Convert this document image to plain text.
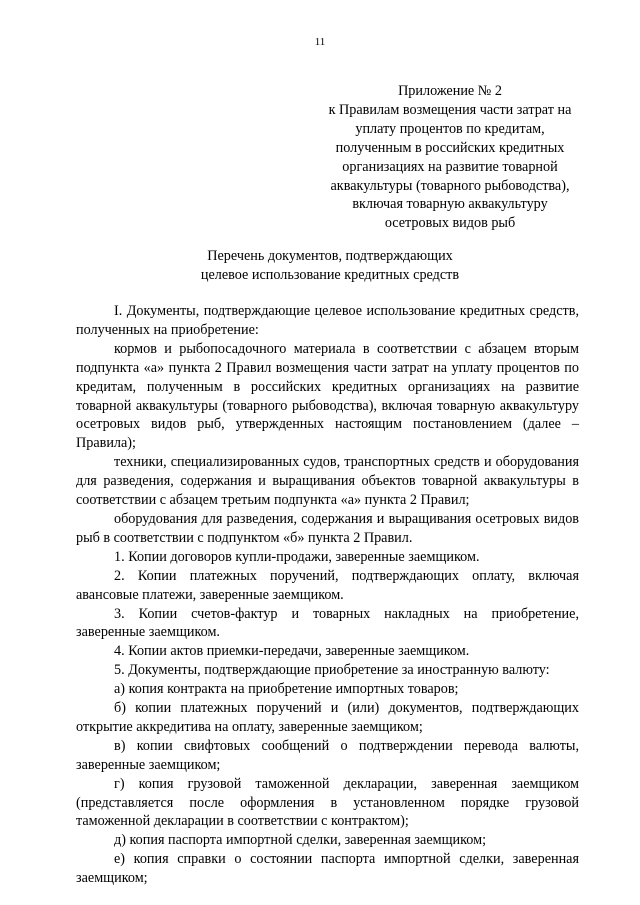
11
Приложение № 2
к Правилам возмещения части затрат на
уплату процентов по кредитам,
полученным в российских кредитных
организациях на развитие товарной
аквакультуры (товарного рыбоводства),
включая товарную аквакультуру
осетровых видов рыб
Перечень документов, подтверждающих
целевое использование кредитных средств

I. Документы, подтверждающие целевое использование кредитных средств, полученных на приобретение:

кормов и рыбопосадочного материала в соответствии с абзацем вторым подпункта «а» пункта 2 Правил возмещения части затрат на уплату процентов по кредитам, полученным в российских кредитных организациях на развитие товарной аквакультуры (товарного рыбоводства), включая товарную аквакультуру осетровых видов рыб, утвержденных настоящим постановлением (далее – Правила);

техники, специализированных судов, транспортных средств и оборудования для разведения, содержания и выращивания объектов товарной аквакультуры в соответствии с абзацем третьим подпункта «а» пункта 2 Правил;

оборудования для разведения, содержания и выращивания осетровых видов рыб в соответствии с подпунктом «б» пункта 2 Правил.

1. Копии договоров купли-продажи, заверенные заемщиком.

2. Копии платежных поручений, подтверждающих оплату, включая авансовые платежи, заверенные заемщиком.

3. Копии счетов-фактур и товарных накладных на приобретение, заверенные заемщиком.

4. Копии актов приемки-передачи, заверенные заемщиком.

5. Документы, подтверждающие приобретение за иностранную валюту:

а) копия контракта на приобретение импортных товаров;

б) копии платежных поручений и (или) документов, подтверждающих открытие аккредитива на оплату, заверенные заемщиком;

в) копии свифтовых сообщений о подтверждении перевода валюты, заверенные заемщиком;

г) копия грузовой таможенной декларации, заверенная заемщиком (представляется после оформления в установленном порядке грузовой таможенной декларации в соответствии с контрактом);

д) копия паспорта импортной сделки, заверенная заемщиком;

е) копия справки о состоянии паспорта импортной сделки, заверенная заемщиком;
